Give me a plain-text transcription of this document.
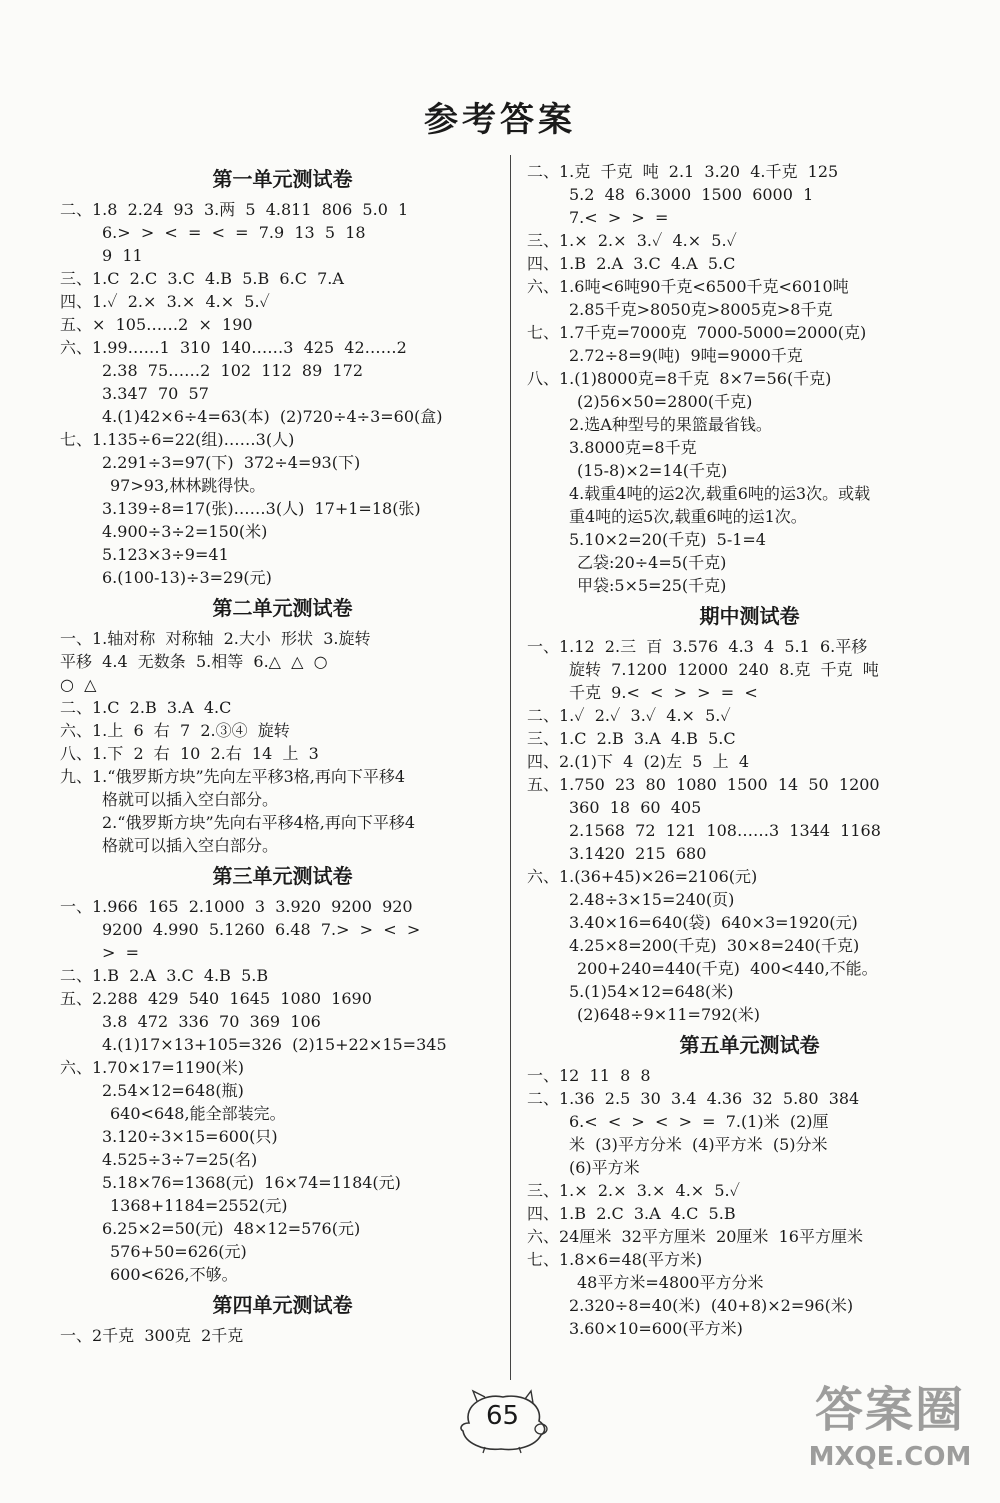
参考答案
第一单元测试卷
二、1.8  2.24  93  3.两  5  4.811  806  5.0  1
6.>  >  <  =  <  =  7.9  13  5  18
9  11
三、1.C  2.C  3.C  4.B  5.B  6.C  7.A
四、1.✓  2.×  3.×  4.×  5.✓
五、×  105……2  ×  190
六、1.99……1  310  140……3  425  42……2
2.38  75……2  102  112  89  172
3.347  70  57
4.(1)42×6÷4=63(本)  (2)720÷4÷3=60(盒)
七、1.135÷6=22(组)……3(人)
2.291÷3=97(下)  372÷4=93(下)
97>93,林林跳得快。
3.139÷8=17(张)……3(人)  17+1=18(张)
4.900÷3÷2=150(米)
5.123×3÷9=41
6.(100-13)÷3=29(元)
第二单元测试卷
一、1.轴对称  对称轴  2.大小  形状  3.旋转
平移  4.4  无数条  5.相等  6.△  △  ○
○  △
二、1.C  2.B  3.A  4.C
六、1.上  6  右  7  2.③④  旋转
八、1.下  2  右  10  2.右  14  上  3
九、1.“俄罗斯方块”先向左平移3格,再向下平移4
格就可以插入空白部分。
2.“俄罗斯方块”先向右平移4格,再向下平移4
格就可以插入空白部分。
第三单元测试卷
一、1.966  165  2.1000  3  3.920  9200  920
9200  4.990  5.1260  6.48  7.>  >  <  >
>  =
二、1.B  2.A  3.C  4.B  5.B
五、2.288  429  540  1645  1080  1690
3.8  472  336  70  369  106
4.(1)17×13+105=326  (2)15+22×15=345
六、1.70×17=1190(米)
2.54×12=648(瓶)
640<648,能全部装完。
3.120÷3×15=600(只)
4.525÷3÷7=25(名)
5.18×76=1368(元)  16×74=1184(元)
1368+1184=2552(元)
6.25×2=50(元)  48×12=576(元)
576+50=626(元)
600<626,不够。
第四单元测试卷
一、2千克  300克  2千克
二、1.克  千克  吨  2.1  3.20  4.千克  125
5.2  48  6.3000  1500  6000  1
7.<  >  >  =
三、1.×  2.×  3.✓  4.×  5.✓
四、1.B  2.A  3.C  4.A  5.C
六、1.6吨<6吨90千克<6500千克<6010吨
2.85千克>8050克>8005克>8千克
七、1.7千克=7000克  7000-5000=2000(克)
2.72÷8=9(吨)  9吨=9000千克
八、1.(1)8000克=8千克  8×7=56(千克)
(2)56×50=2800(千克)
2.选A种型号的果篮最省钱。
3.8000克=8千克
(15-8)×2=14(千克)
4.载重4吨的运2次,载重6吨的运3次。或载
重4吨的运5次,载重6吨的运1次。
5.10×2=20(千克)  5-1=4
乙袋:20÷4=5(千克)
甲袋:5×5=25(千克)
期中测试卷
一、1.12  2.三  百  3.576  4.3  4  5.1  6.平移
旋转  7.1200  12000  240  8.克  千克  吨
千克  9.<  <  >  >  =  <
二、1.✓  2.✓  3.✓  4.×  5.✓
三、1.C  2.B  3.A  4.B  5.C
四、2.(1)下  4  (2)左  5  上  4
五、1.750  23  80  1080  1500  14  50  1200
360  18  60  405
2.1568  72  121  108……3  1344  1168
3.1420  215  680
六、1.(36+45)×26=2106(元)
2.48÷3×15=240(页)
3.40×16=640(袋)  640×3=1920(元)
4.25×8=200(千克)  30×8=240(千克)
200+240=440(千克)  400<440,不能。
5.(1)54×12=648(米)
(2)648÷9×11=792(米)
第五单元测试卷
一、12  11  8  8
二、1.36  2.5  30  3.4  4.36  32  5.80  384
6.<  <  >  <  >  =  7.(1)米  (2)厘
米  (3)平方分米  (4)平方米  (5)分米
(6)平方米
三、1.×  2.×  3.×  4.×  5.✓
四、1.B  2.C  3.A  4.C  5.B
六、24厘米  32平方厘米  20厘米  16平方厘米
七、1.8×6=48(平方米)
48平方米=4800平方分米
2.320÷8=40(米)  (40+8)×2=96(米)
3.60×10=600(平方米)
65	答案圈
MXQE.COM
